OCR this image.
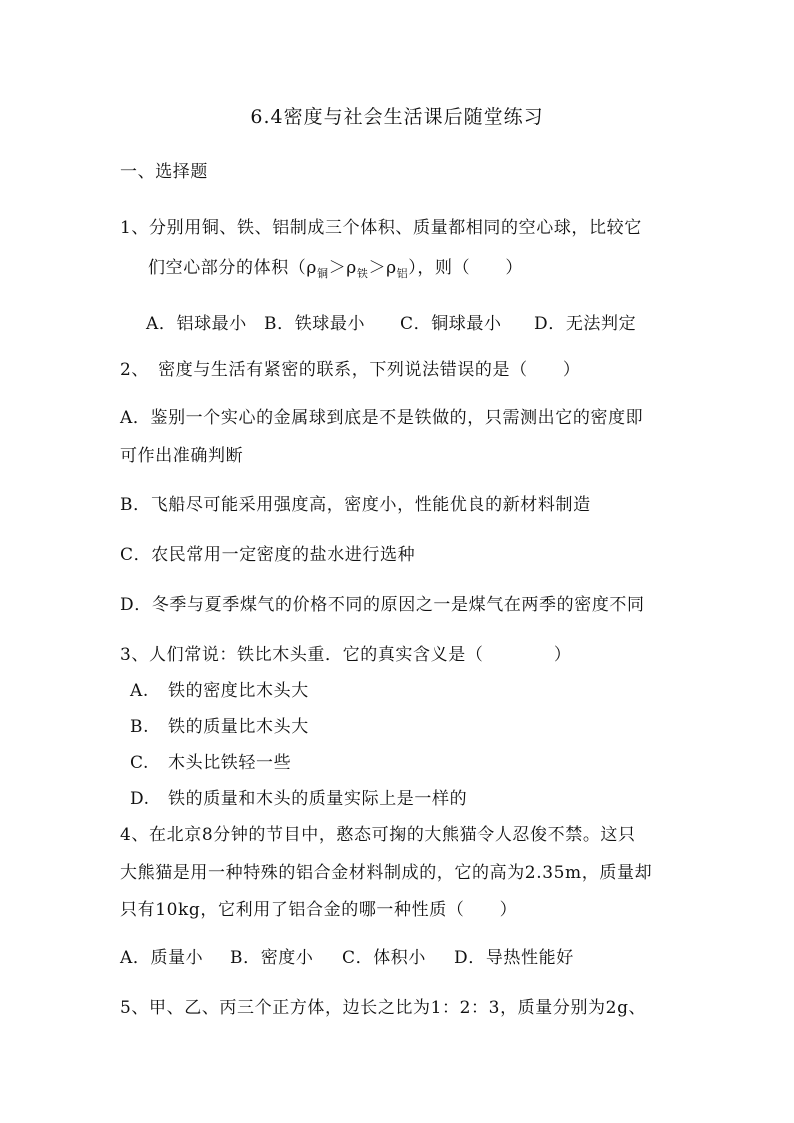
6.4密度与社会生活课后随堂练习
一、选择题
1、分别用铜、铁、铝制成三个体积、质量都相同的空心球，比较它
们空心部分的体积$(\rho_铜>\rho_铁>\rho_铝)$，则（　　）
A．铝球最小 B．铁球最小 C．铜球最小 D．无法判定
2、　密度与生活有紧密的联系，下列说法错误的是（　　）
A．鉴别一个实心的金属球到底是不是铁做的，只需测出它的密度即
可作出准确判断
B．飞船尽可能采用强度高，密度小，性能优良的新材料制造
C．农民常用一定密度的盐水进行选种
D．冬季与夏季煤气的价格不同的原因之一是煤气在两季的密度不同
3、人们常说：铁比木头重．它的真实含义是（　　　　）
A. 铁的密度比木头大
B. 铁的质量比木头大
C. 木头比铁轻一些
D. 铁的质量和木头的质量实际上是一样的
4、在北京8分钟的节目中，憨态可掬的大熊猫令人忍俊不禁。这只
大熊猫是用一种特殊的铝合金材料制成的，它的高为2.35m，质量却
只有10kg，它利用了铝合金的哪一种性质（　　）
A．质量小 B．密度小 C．体积小 D．导热性能好
5、甲、乙、丙三个正方体，边长之比为1：2：3，质量分别为2g、
